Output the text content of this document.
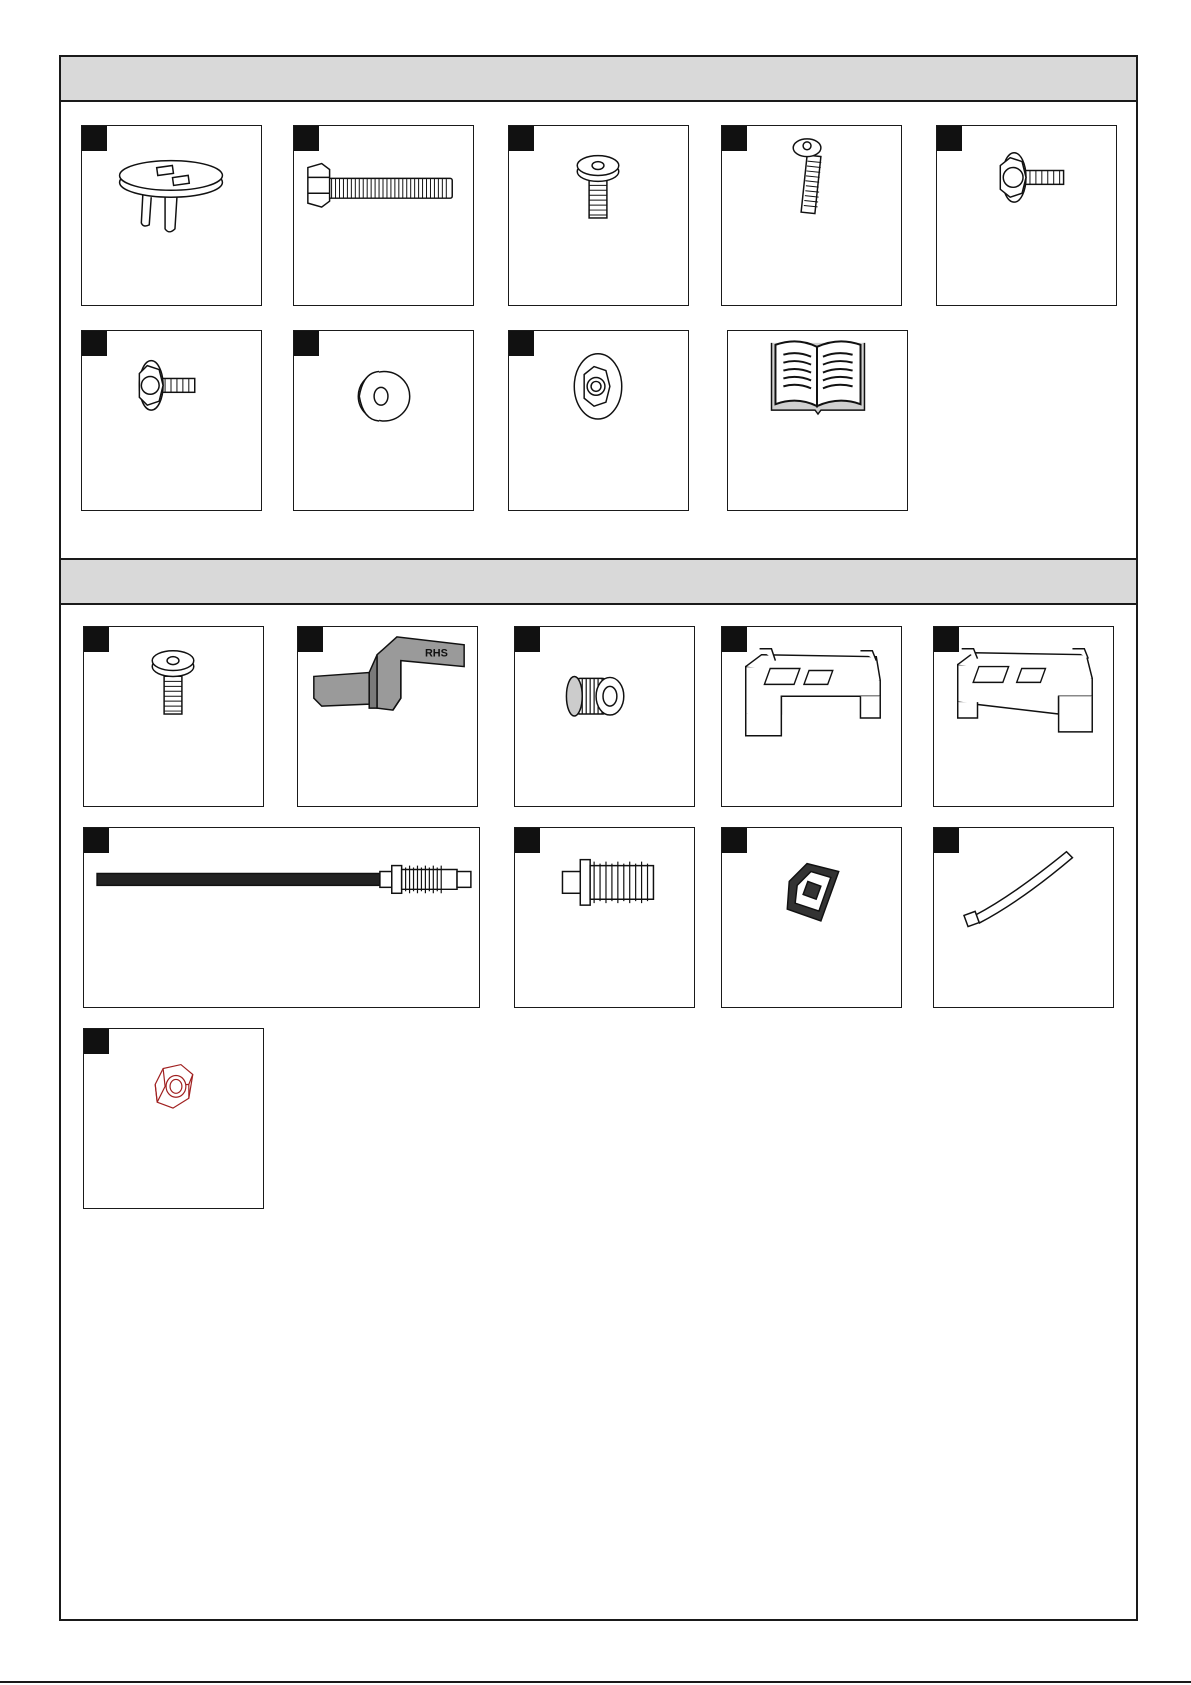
RHS
